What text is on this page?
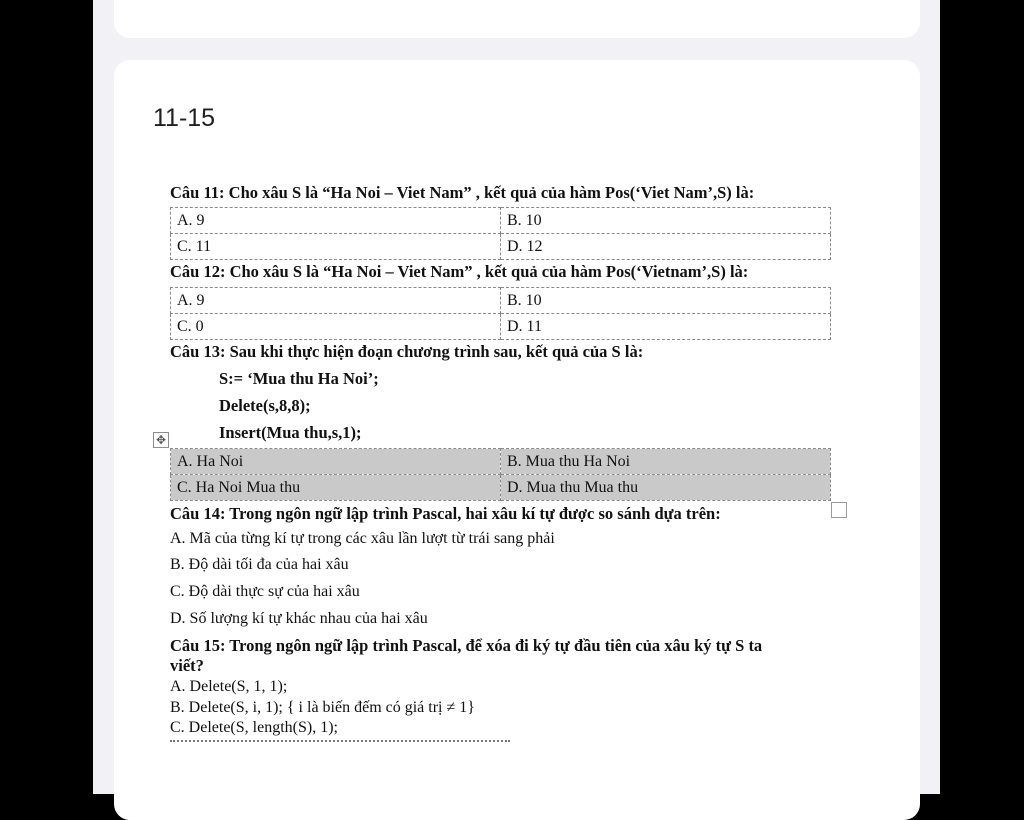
11-15
Câu 11: Cho xâu S là “Ha Noi – Viet Nam” , kết quả của hàm Pos(‘Viet Nam’,S) là:
A. 9	B. 10
C. 11	D. 12
Câu 12: Cho xâu S là “Ha Noi – Viet Nam” , kết quả của hàm Pos(‘Vietnam’,S) là:
A. 9	B. 10
C. 0	D. 11
Câu 13: Sau khi thực hiện đoạn chương trình sau, kết quả của S là:
S:= ‘Mua thu Ha Noi’;
Delete(s,8,8);
Insert(Mua thu,s,1);
✥
A. Ha Noi	B. Mua thu Ha Noi
C. Ha Noi Mua thu	D. Mua thu Mua thu
Câu 14: Trong ngôn ngữ lập trình Pascal, hai xâu kí tự được so sánh dựa trên:
A. Mã của từng kí tự trong các xâu lần lượt từ trái sang phải
B. Độ dài tối đa của hai xâu
C. Độ dài thực sự của hai xâu
D. Số lượng kí tự khác nhau của hai xâu
Câu 15: Trong ngôn ngữ lập trình Pascal, để xóa đi ký tự đầu tiên của xâu ký tự S ta
viết?
A. Delete(S, 1, 1);
B. Delete(S, i, 1); { i là biến đếm có giá trị ≠ 1}
C. Delete(S, length(S), 1);
